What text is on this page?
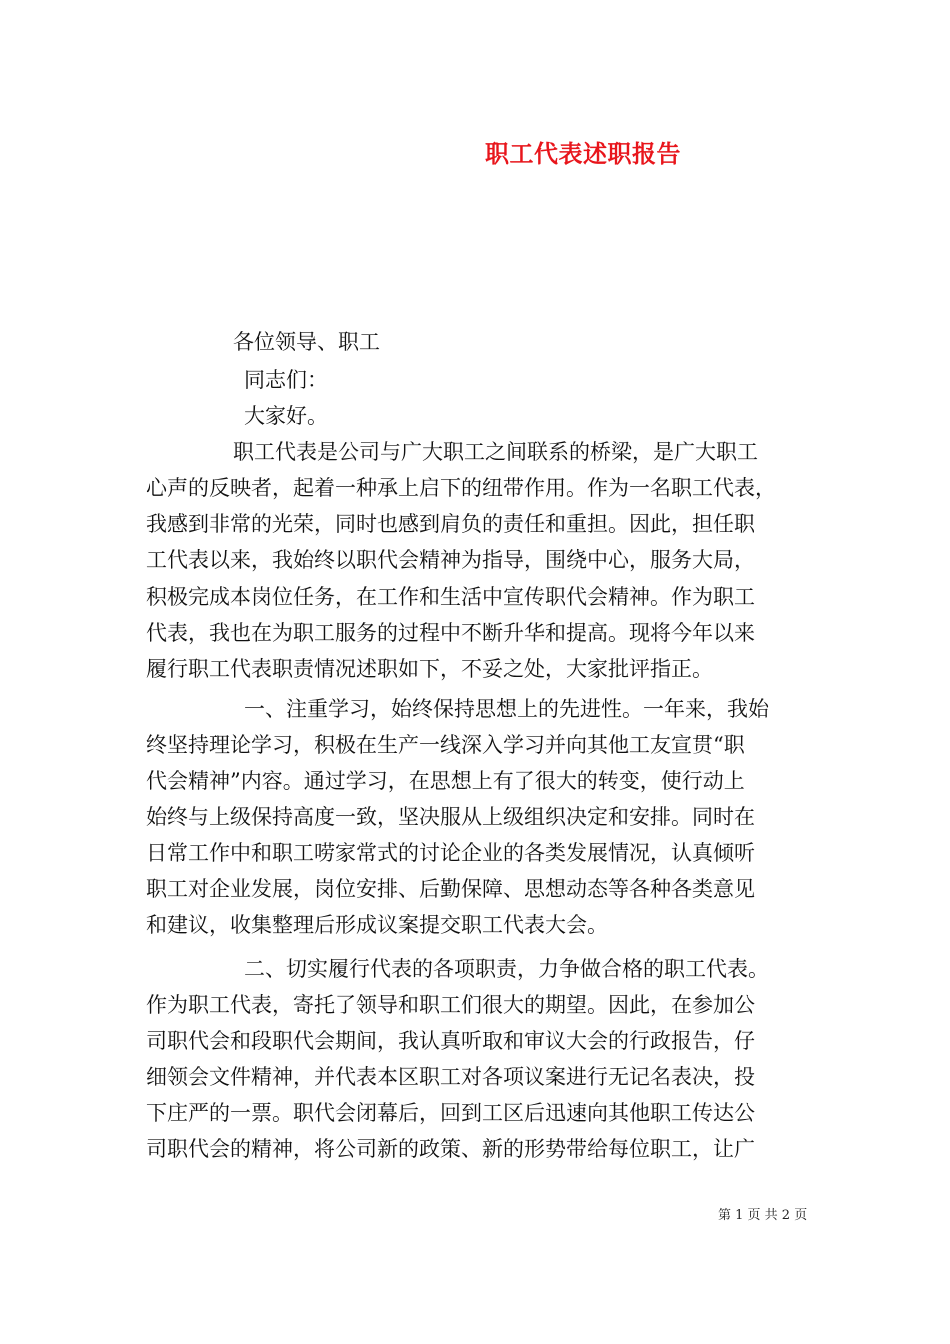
职工代表述职报告
各位领导、职工
同志们：
大家好。
职工代表是公司与广大职工之间联系的桥梁，是广大职工
心声的反映者，起着一种承上启下的纽带作用。作为一名职工代表，
我感到非常的光荣，同时也感到肩负的责任和重担。因此，担任职
工代表以来，我始终以职代会精神为指导，围绕中心，服务大局，
积极完成本岗位任务，在工作和生活中宣传职代会精神。作为职工
代表，我也在为职工服务的过程中不断升华和提高。现将今年以来
履行职工代表职责情况述职如下，不妥之处，大家批评指正。
一、注重学习，始终保持思想上的先进性。一年来，我始
终坚持理论学习，积极在生产一线深入学习并向其他工友宣贯“职
代会精神”内容。通过学习，在思想上有了很大的转变，使行动上
始终与上级保持高度一致，坚决服从上级组织决定和安排。同时在
日常工作中和职工唠家常式的讨论企业的各类发展情况，认真倾听
职工对企业发展，岗位安排、后勤保障、思想动态等各种各类意见
和建议，收集整理后形成议案提交职工代表大会。
二、切实履行代表的各项职责，力争做合格的职工代表。
作为职工代表，寄托了领导和职工们很大的期望。因此，在参加公
司职代会和段职代会期间，我认真听取和审议大会的行政报告，仔
细领会文件精神，并代表本区职工对各项议案进行无记名表决，投
下庄严的一票。职代会闭幕后，回到工区后迅速向其他职工传达公
司职代会的精神，将公司新的政策、新的形势带给每位职工，让广
第 1 页 共 2 页
